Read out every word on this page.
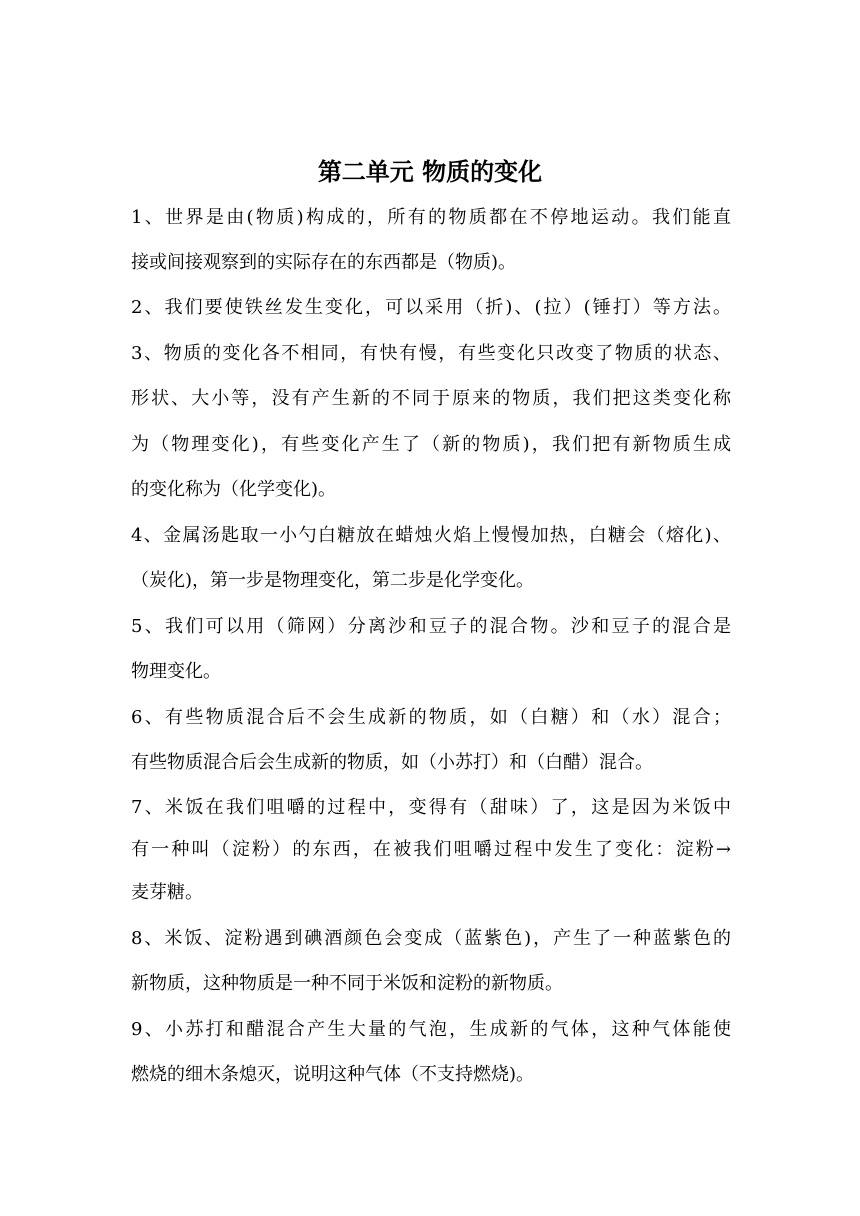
第二单元 物质的变化
1、世界是由(物质)构成的，所有的物质都在不停地运动。我们能直
接或间接观察到的实际存在的东西都是（物质)。
2、我们要使铁丝发生变化，可以采用（折)、(拉）(锤打）等方法。
3、物质的变化各不相同，有快有慢，有些变化只改变了物质的状态、
形状、大小等，没有产生新的不同于原来的物质，我们把这类变化称
为（物理变化)，有些变化产生了（新的物质)，我们把有新物质生成
的变化称为（化学变化)。
4、金属汤匙取一小勺白糖放在蜡烛火焰上慢慢加热，白糖会（熔化)、
（炭化)，第一步是物理变化，第二步是化学变化。
5、我们可以用（筛网）分离沙和豆子的混合物。沙和豆子的混合是
物理变化。
6、有些物质混合后不会生成新的物质，如（白糖）和（水）混合；
有些物质混合后会生成新的物质，如（小苏打）和（白醋）混合。
7、米饭在我们咀嚼的过程中，变得有（甜味）了，这是因为米饭中
有一种叫（淀粉）的东西，在被我们咀嚼过程中发生了变化：淀粉→
麦芽糖。
8、米饭、淀粉遇到碘酒颜色会变成（蓝紫色)，产生了一种蓝紫色的
新物质，这种物质是一种不同于米饭和淀粉的新物质。
9、小苏打和醋混合产生大量的气泡，生成新的气体，这种气体能使
燃烧的细木条熄灭，说明这种气体（不支持燃烧)。
